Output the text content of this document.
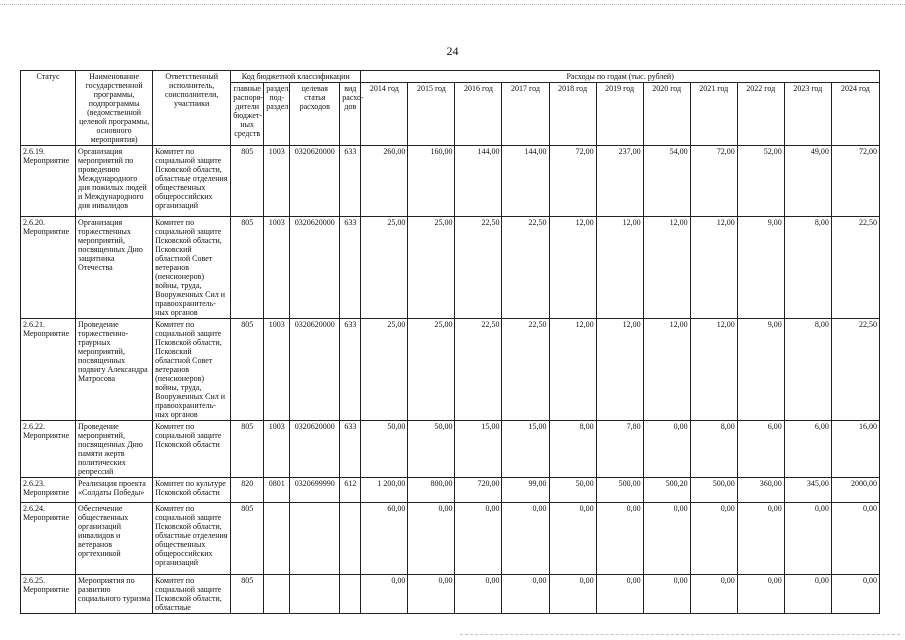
24
Статус	Наименование государственной программы, подпрограммы (ведомственной целевой программы, основного мероприятия)	Ответственный исполнитель, соисполнители, участники	Код бюджетной классификации				Расходы по годам (тыс. рублей)										
			главные распоря-дители бюджет-ных средств	раздел, под-раздел	целевая статья расходов	вид расхо-дов	2014 год	2015 год	2016 год	2017 год	2018 год	2019 год	2020 год	2021 год	2022 год	2023 год	2024 год
2.6.19. Мероприятие	Организация мероприятий по проведению Международного дня пожилых людей и Международного дня инвалидов	Комитет по социальной защите Псковской области, областные отделения общественных общероссийских организаций	805	1003	0320620000	633	260,00	160,00	144,00	144,00	72,00	237,00	54,00	72,00	52,00	49,00	72,00
2.6.20. Мероприятие	Организация торжественных мероприятий, посвященных Дню защитника Отечества	Комитет по социальной защите Псковской области, Псковский областной Совет ветеранов (пенсионеров) войны, труда, Вооруженных Сил и правоохранитель-ных органов	805	1003	0320620000	633	25,00	25,00	22,50	22,50	12,00	12,00	12,00	12,00	9,00	8,00	22,50
2.6.21. Мероприятие	Проведение торжественно-траурных мероприятий, посвященных подвигу Александра Матросова	Комитет по социальной защите Псковской области, Псковский областной Совет ветеранов (пенсионеров) войны, труда, Вооруженных Сил и правоохранитель-ных органов	805	1003	0320620000	633	25,00	25,00	22,50	22,50	12,00	12,00	12,00	12,00	9,00	8,00	22,50
2.6.22. Мероприятие	Проведение мероприятий, посвященных Дню памяти жертв политических репрессий	Комитет по социальной защите Псковской области	805	1003	0320620000	633	50,00	50,00	15,00	15,00	8,00	7,80	0,00	8,00	6,00	6,00	16,00
2.6.23. Мероприятие	Реализация проекта «Солдаты Победы»	Комитет по культуре Псковской области	820	0801	0320699990	612	1 200,00	800,00	720,00	99,00	50,00	500,00	500,20	500,00	360,00	345,00	2000,00
2.6.24. Мероприятие	Обеспечение общественных организаций инвалидов и ветеранов оргтехникой	Комитет по социальной защите Псковской области, областные отделения общественных общероссийских организаций	805				60,00	0,00	0,00	0,00	0,00	0,00	0,00	0,00	0,00	0,00	0,00
2.6.25. Мероприятие	Мероприятия по развитию социального туризма	Комитет по социальной защите Псковской области, областные	805				0,00	0,00	0,00	0,00	0,00	0,00	0,00	0,00	0,00	0,00	0,00
